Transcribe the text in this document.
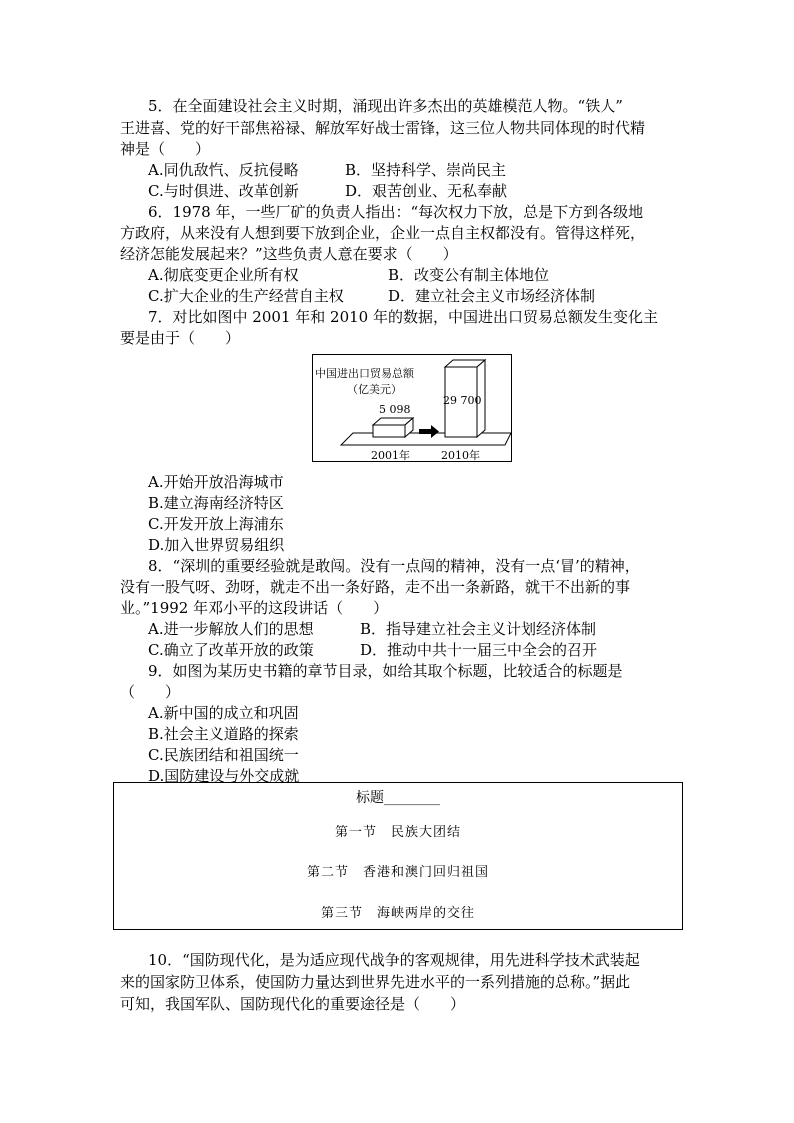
5．在全面建设社会主义时期，涌现出许多杰出的英雄模范人物。“铁人”
王进喜、党的好干部焦裕禄、解放军好战士雷锋，这三位人物共同体现的时代精
神是（　　）
A.同仇敌忾、反抗侵略	B．坚持科学、崇尚民主
C.与时俱进、改革创新	D．艰苦创业、无私奉献
6．1978 年，一些厂矿的负责人指出：“每次权力下放，总是下方到各级地
方政府，从来没有人想到要下放到企业，企业一点自主权都没有。管得这样死，
经济怎能发展起来？”这些负责人意在要求（　　）
A.彻底变更企业所有权	B．改变公有制主体地位
C.扩大企业的生产经营自主权	D．建立社会主义市场经济体制
7．对比如图中 2001 年和 2010 年的数据，中国进出口贸易总额发生变化主
要是由于（　　）
中国进出口贸易总额
（亿美元）
5 098
29 700
2001年	2010年
A.开始开放沿海城市
B.建立海南经济特区
C.开发开放上海浦东
D.加入世界贸易组织
8．“深圳的重要经验就是敢闯。没有一点闯的精神，没有一点‘冒’的精神，
没有一股气呀、劲呀，就走不出一条好路，走不出一条新路，就干不出新的事
业。”1992 年邓小平的这段讲话（　　）
A.进一步解放人们的思想	B．指导建立社会主义计划经济体制
C.确立了改革开放的政策	D．推动中共十一届三中全会的召开
9．如图为某历史书籍的章节目录，如给其取个标题，比较适合的标题是
（　　）
A.新中国的成立和巩固
B.社会主义道路的探索
C.民族团结和祖国统一
D.国防建设与外交成就
标题________
第一节　民族大团结
第二节　香港和澳门回归祖国
第三节　海峡两岸的交往
10．“国防现代化，是为适应现代战争的客观规律，用先进科学技术武装起
来的国家防卫体系，使国防力量达到世界先进水平的一系列措施的总称。”据此
可知，我国军队、国防现代化的重要途径是（　　）
